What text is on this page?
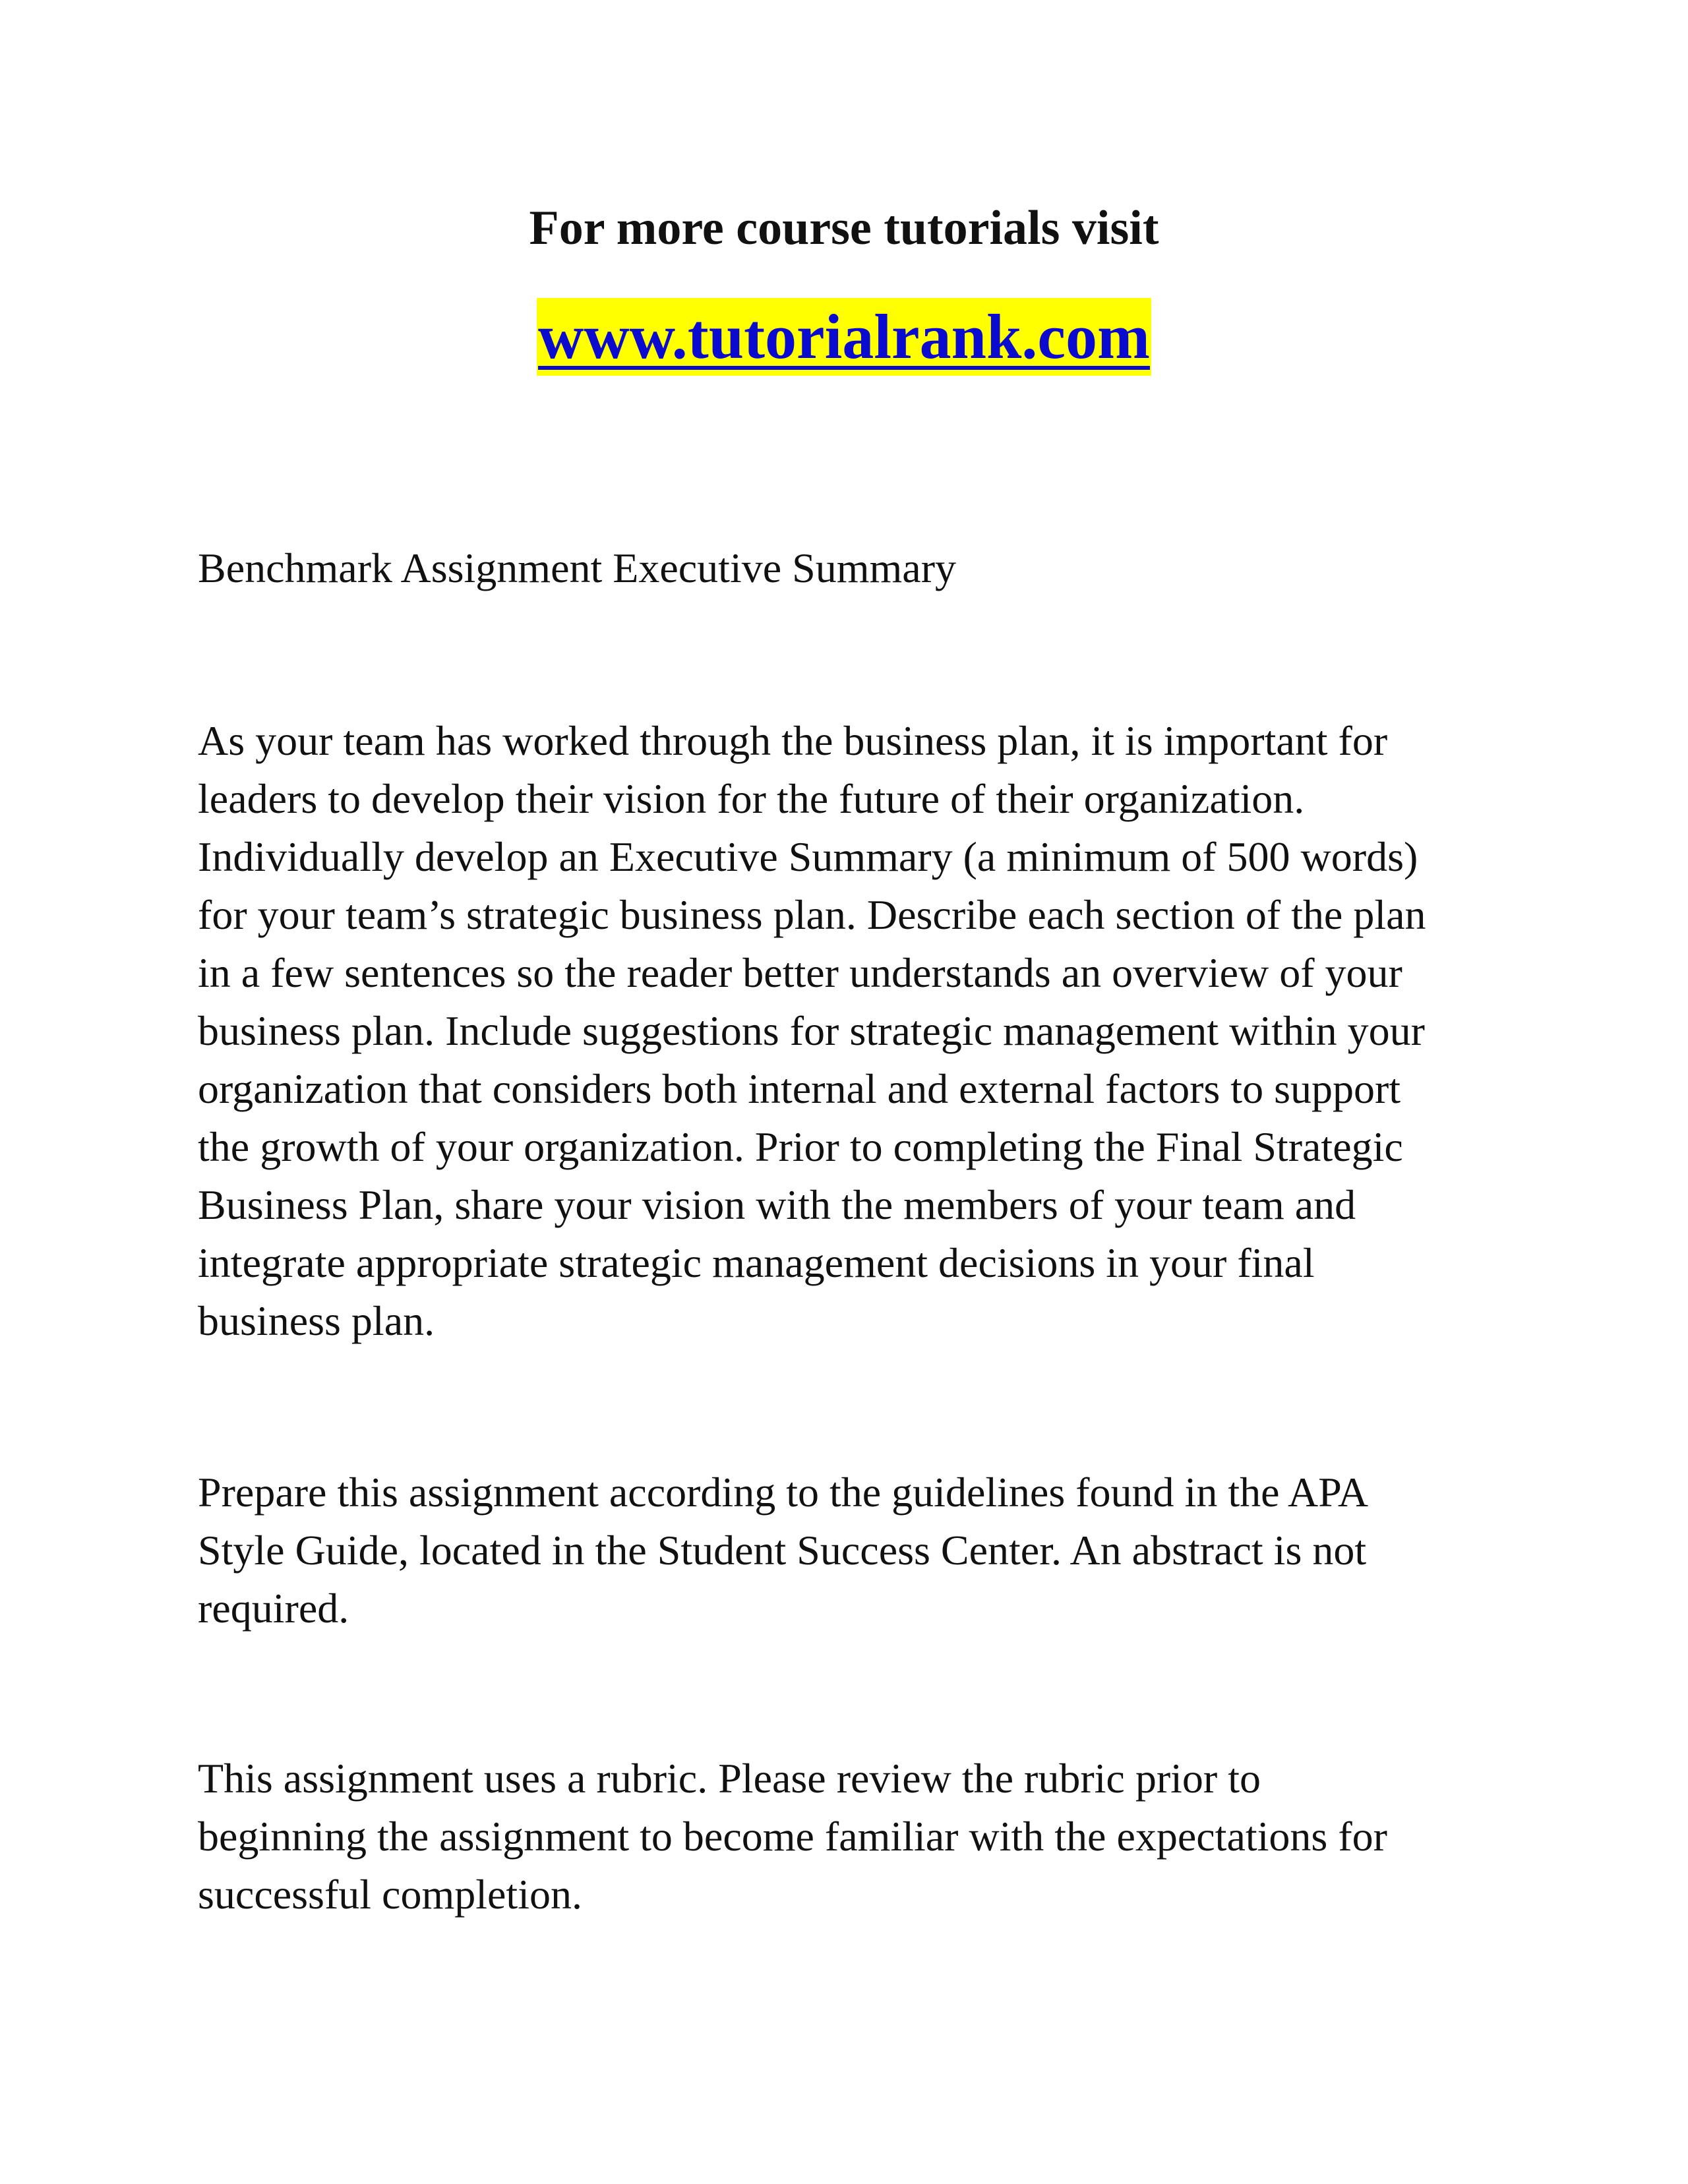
For more course tutorials visit
www.tutorialrank.com
Benchmark Assignment Executive Summary
As your team has worked through the business plan, it is important for
leaders to develop their vision for the future of their organization.
Individually develop an Executive Summary (a minimum of 500 words)
for your team’s strategic business plan. Describe each section of the plan
in a few sentences so the reader better understands an overview of your
business plan. Include suggestions for strategic management within your
organization that considers both internal and external factors to support
the growth of your organization. Prior to completing the Final Strategic
Business Plan, share your vision with the members of your team and
integrate appropriate strategic management decisions in your final
business plan.
Prepare this assignment according to the guidelines found in the APA
Style Guide, located in the Student Success Center. An abstract is not
required.
This assignment uses a rubric. Please review the rubric prior to
beginning the assignment to become familiar with the expectations for
successful completion.
